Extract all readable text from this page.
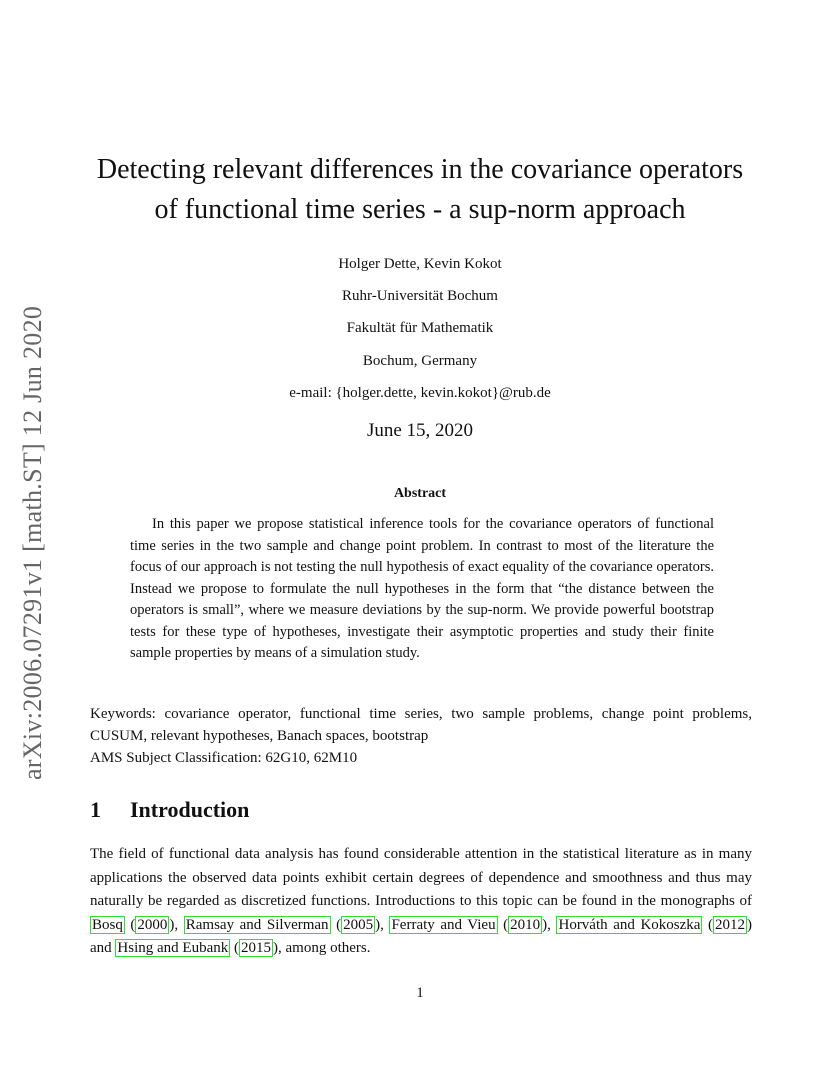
arXiv:2006.07291v1 [math.ST] 12 Jun 2020
Detecting relevant differences in the covariance operators
of functional time series - a sup-norm approach
Holger Dette, Kevin Kokot
Ruhr-Universität Bochum
Fakultät für Mathematik
Bochum, Germany
e-mail: {holger.dette, kevin.kokot}@rub.de
June 15, 2020
Abstract
In this paper we propose statistical inference tools for the covariance operators of functional time series in the two sample and change point problem. In contrast to most of the literature the focus of our approach is not testing the null hypothesis of exact equality of the covariance operators. Instead we propose to formulate the null hypotheses in the form that “the distance between the operators is small”, where we measure deviations by the sup-norm. We provide powerful bootstrap tests for these type of hypotheses, investigate their asymptotic properties and study their finite sample properties by means of a simulation study.
Keywords: covariance operator, functional time series, two sample problems, change point problems, CUSUM, relevant hypotheses, Banach spaces, bootstrap
AMS Subject Classification: 62G10, 62M10
1 Introduction
The field of functional data analysis has found considerable attention in the statistical literature as in many applications the observed data points exhibit certain degrees of dependence and smoothness and thus may naturally be regarded as discretized functions. Introductions to this topic can be found in the monographs of Bosq ( 2000 ), Ramsay and Silverman ( 2005 ), Ferraty and Vieu ( 2010 ), Horváth and Kokoszka ( 2012 ) and Hsing and Eubank ( 2015 ), among others.
1
